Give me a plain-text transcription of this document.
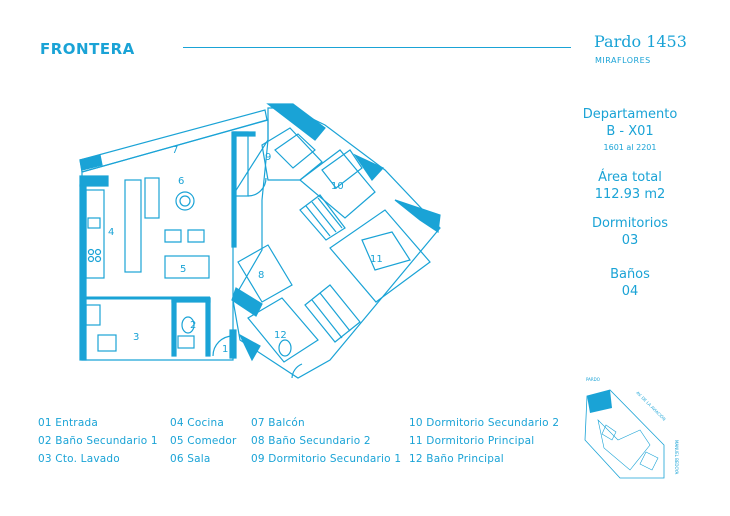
FRONTERA	Pardo 1453
MIRAFLORES
Departamento
B - X01
1601 al 2201
Área total
112.93 m2
Dormitorios
03
Baños
04
1
2
3
4
5
6
7
8
9
10
11
12
PARDO
AV. DE LA AVIACIÓN
MANUEL BEDOYA
01 Entrada
02 Baño Secundario 1
03 Cto. Lavado
04 Cocina
05 Comedor
06 Sala
07 Balcón
08 Baño Secundario 2
09 Dormitorio Secundario 1
10 Dormitorio Secundario 2
11 Dormitorio Principal
12 Baño Principal
